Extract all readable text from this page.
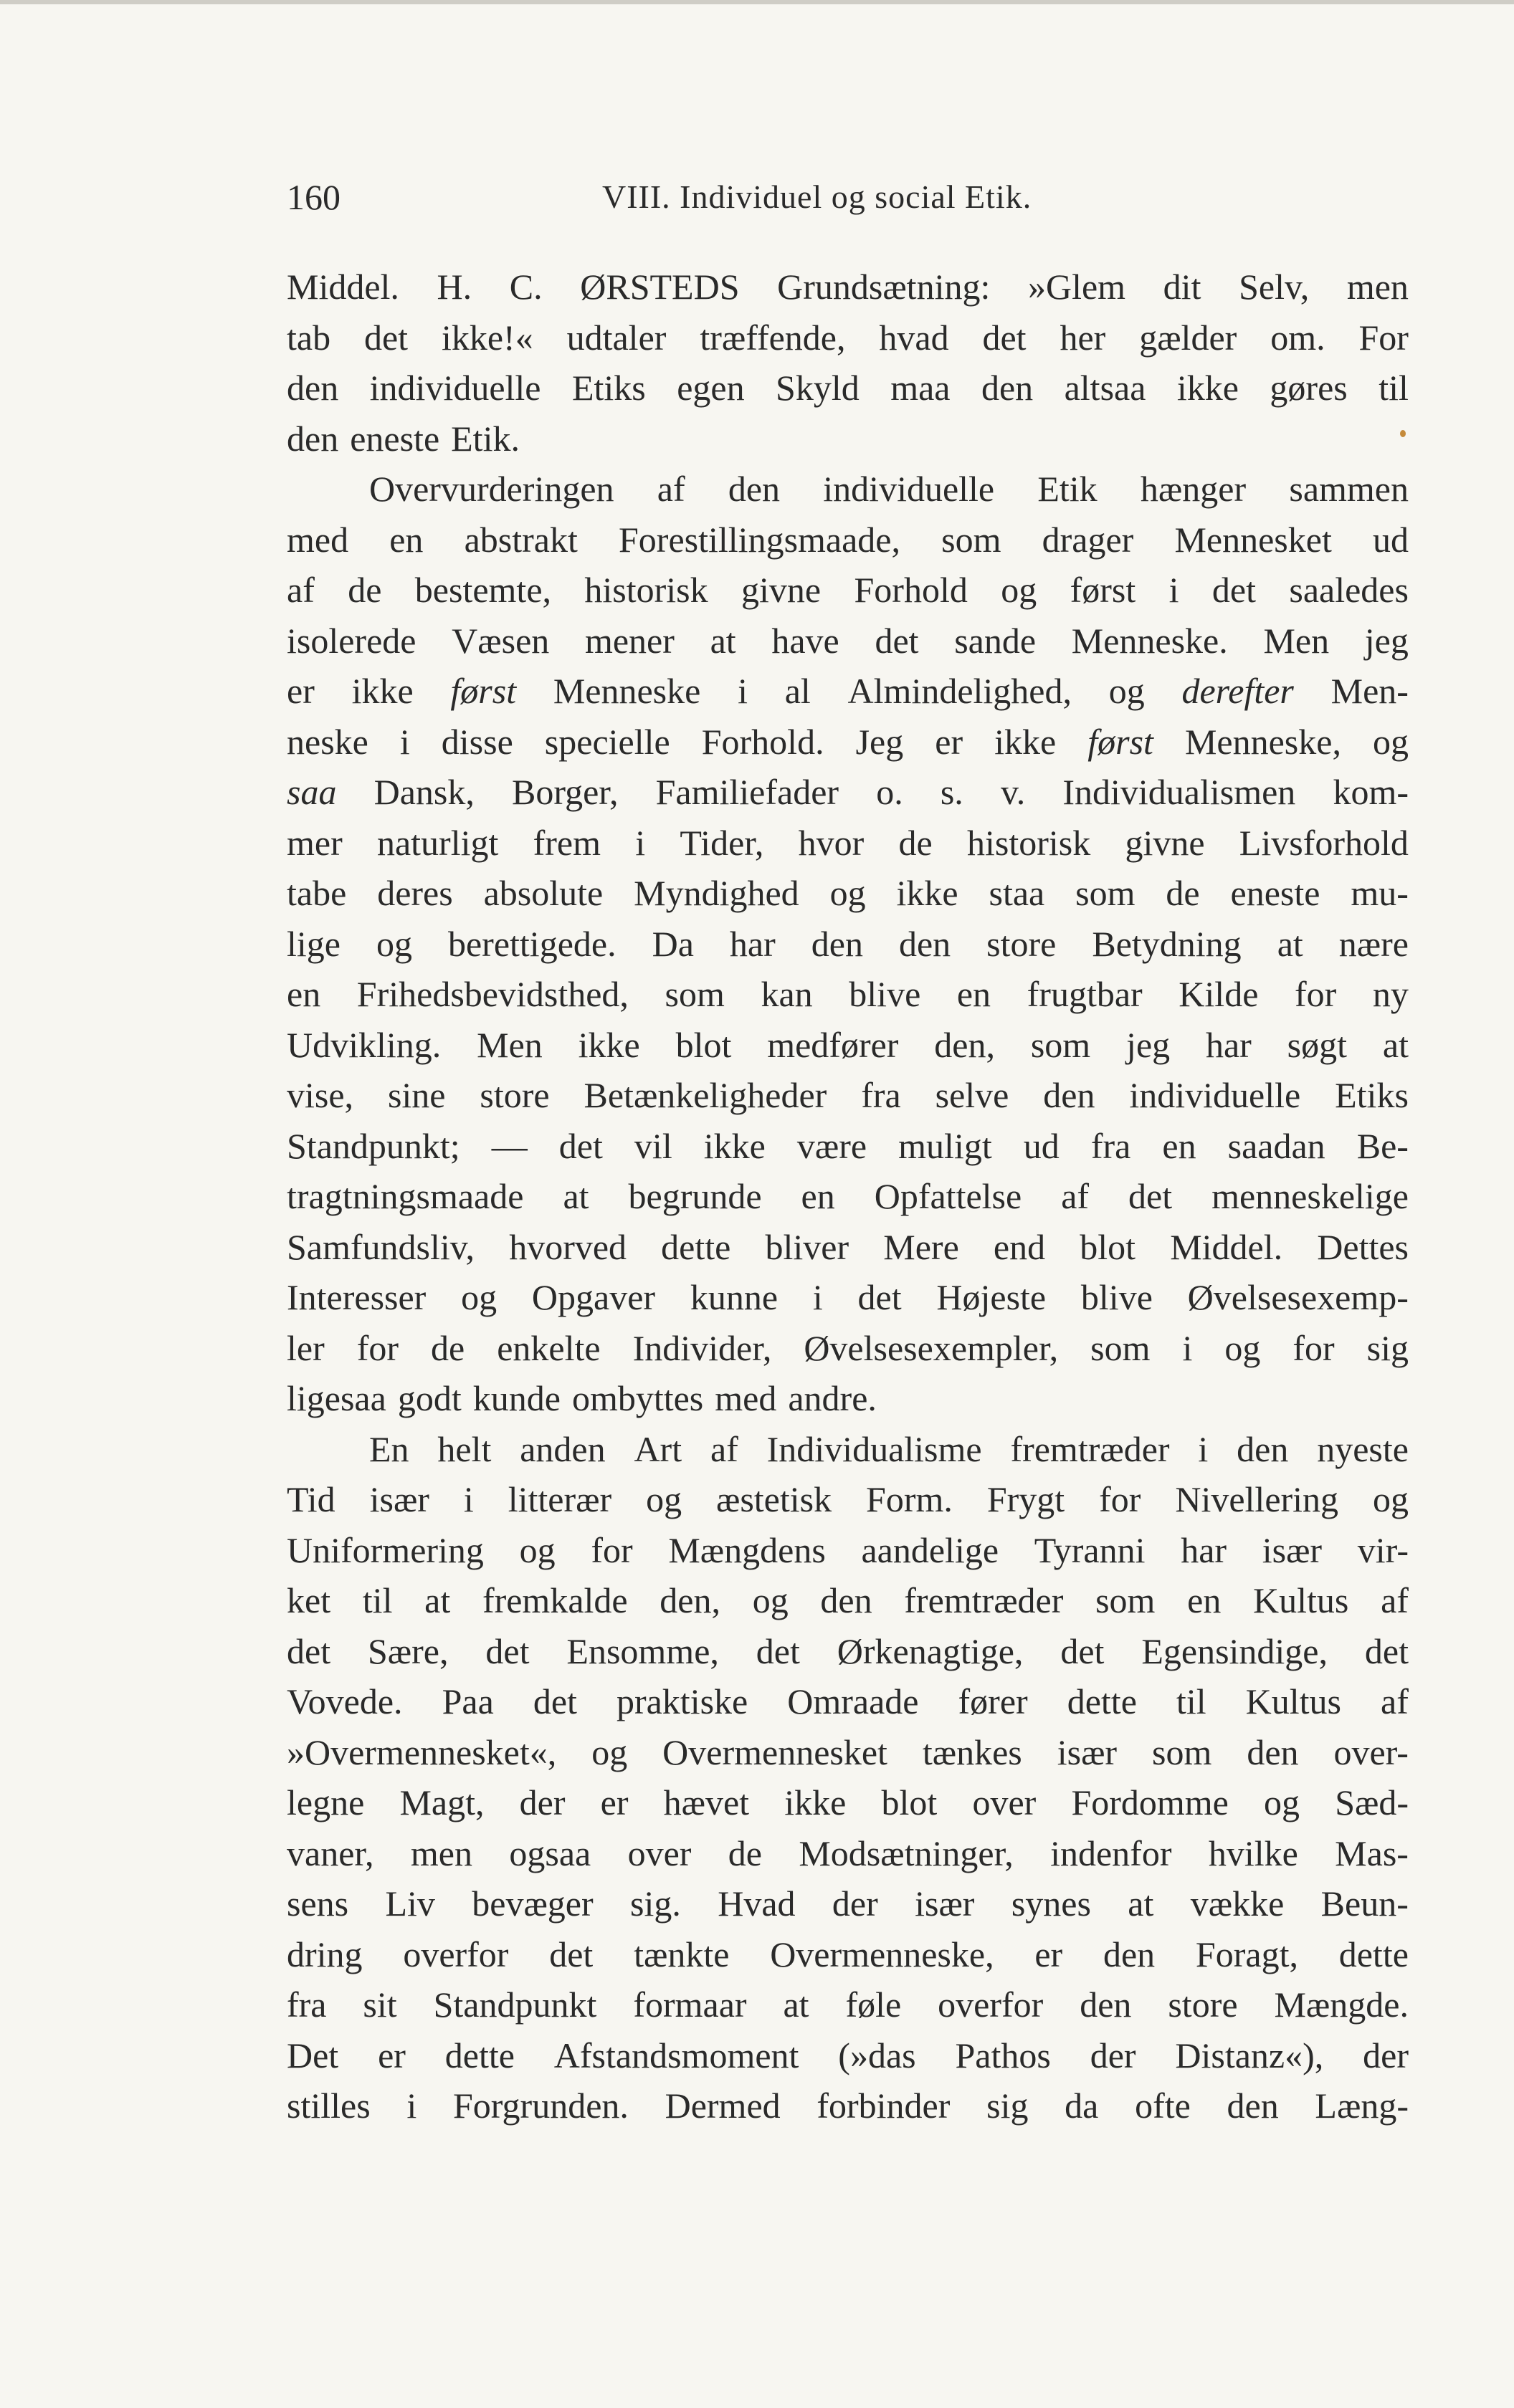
160	VIII. Individuel og social Etik.
Middel. H. C. ØRSTEDS Grundsætning: »Glem dit Selv, men
tab det ikke!« udtaler træffende, hvad det her gælder om. For
den individuelle Etiks egen Skyld maa den altsaa ikke gøres til
den eneste Etik.
Overvurderingen af den individuelle Etik hænger sammen
med en abstrakt Forestillingsmaade, som drager Mennesket ud
af de bestemte, historisk givne Forhold og først i det saaledes
isolerede Væsen mener at have det sande Menneske. Men jeg
er ikke først Menneske i al Almindelighed, og derefter Men-
neske i disse specielle Forhold. Jeg er ikke først Menneske, og
saa Dansk, Borger, Familiefader o. s. v. Individualismen kom-
mer naturligt frem i Tider, hvor de historisk givne Livsforhold
tabe deres absolute Myndighed og ikke staa som de eneste mu-
lige og berettigede. Da har den den store Betydning at nære
en Frihedsbevidsthed, som kan blive en frugtbar Kilde for ny
Udvikling. Men ikke blot medfører den, som jeg har søgt at
vise, sine store Betænkeligheder fra selve den individuelle Etiks
Standpunkt; — det vil ikke være muligt ud fra en saadan Be-
tragtningsmaade at begrunde en Opfattelse af det menneskelige
Samfundsliv, hvorved dette bliver Mere end blot Middel. Dettes
Interesser og Opgaver kunne i det Højeste blive Øvelsesexemp-
ler for de enkelte Individer, Øvelsesexempler, som i og for sig
ligesaa godt kunde ombyttes med andre.
En helt anden Art af Individualisme fremtræder i den nyeste
Tid især i litterær og æstetisk Form. Frygt for Nivellering og
Uniformering og for Mængdens aandelige Tyranni har især vir-
ket til at fremkalde den, og den fremtræder som en Kultus af
det Sære, det Ensomme, det Ørkenagtige, det Egensindige, det
Vovede. Paa det praktiske Omraade fører dette til Kultus af
»Overmennesket«, og Overmennesket tænkes især som den over-
legne Magt, der er hævet ikke blot over Fordomme og Sæd-
vaner, men ogsaa over de Modsætninger, indenfor hvilke Mas-
sens Liv bevæger sig. Hvad der især synes at vække Beun-
dring overfor det tænkte Overmenneske, er den Foragt, dette
fra sit Standpunkt formaar at føle overfor den store Mængde.
Det er dette Afstandsmoment (»das Pathos der Distanz«), der
stilles i Forgrunden. Dermed forbinder sig da ofte den Læng-
